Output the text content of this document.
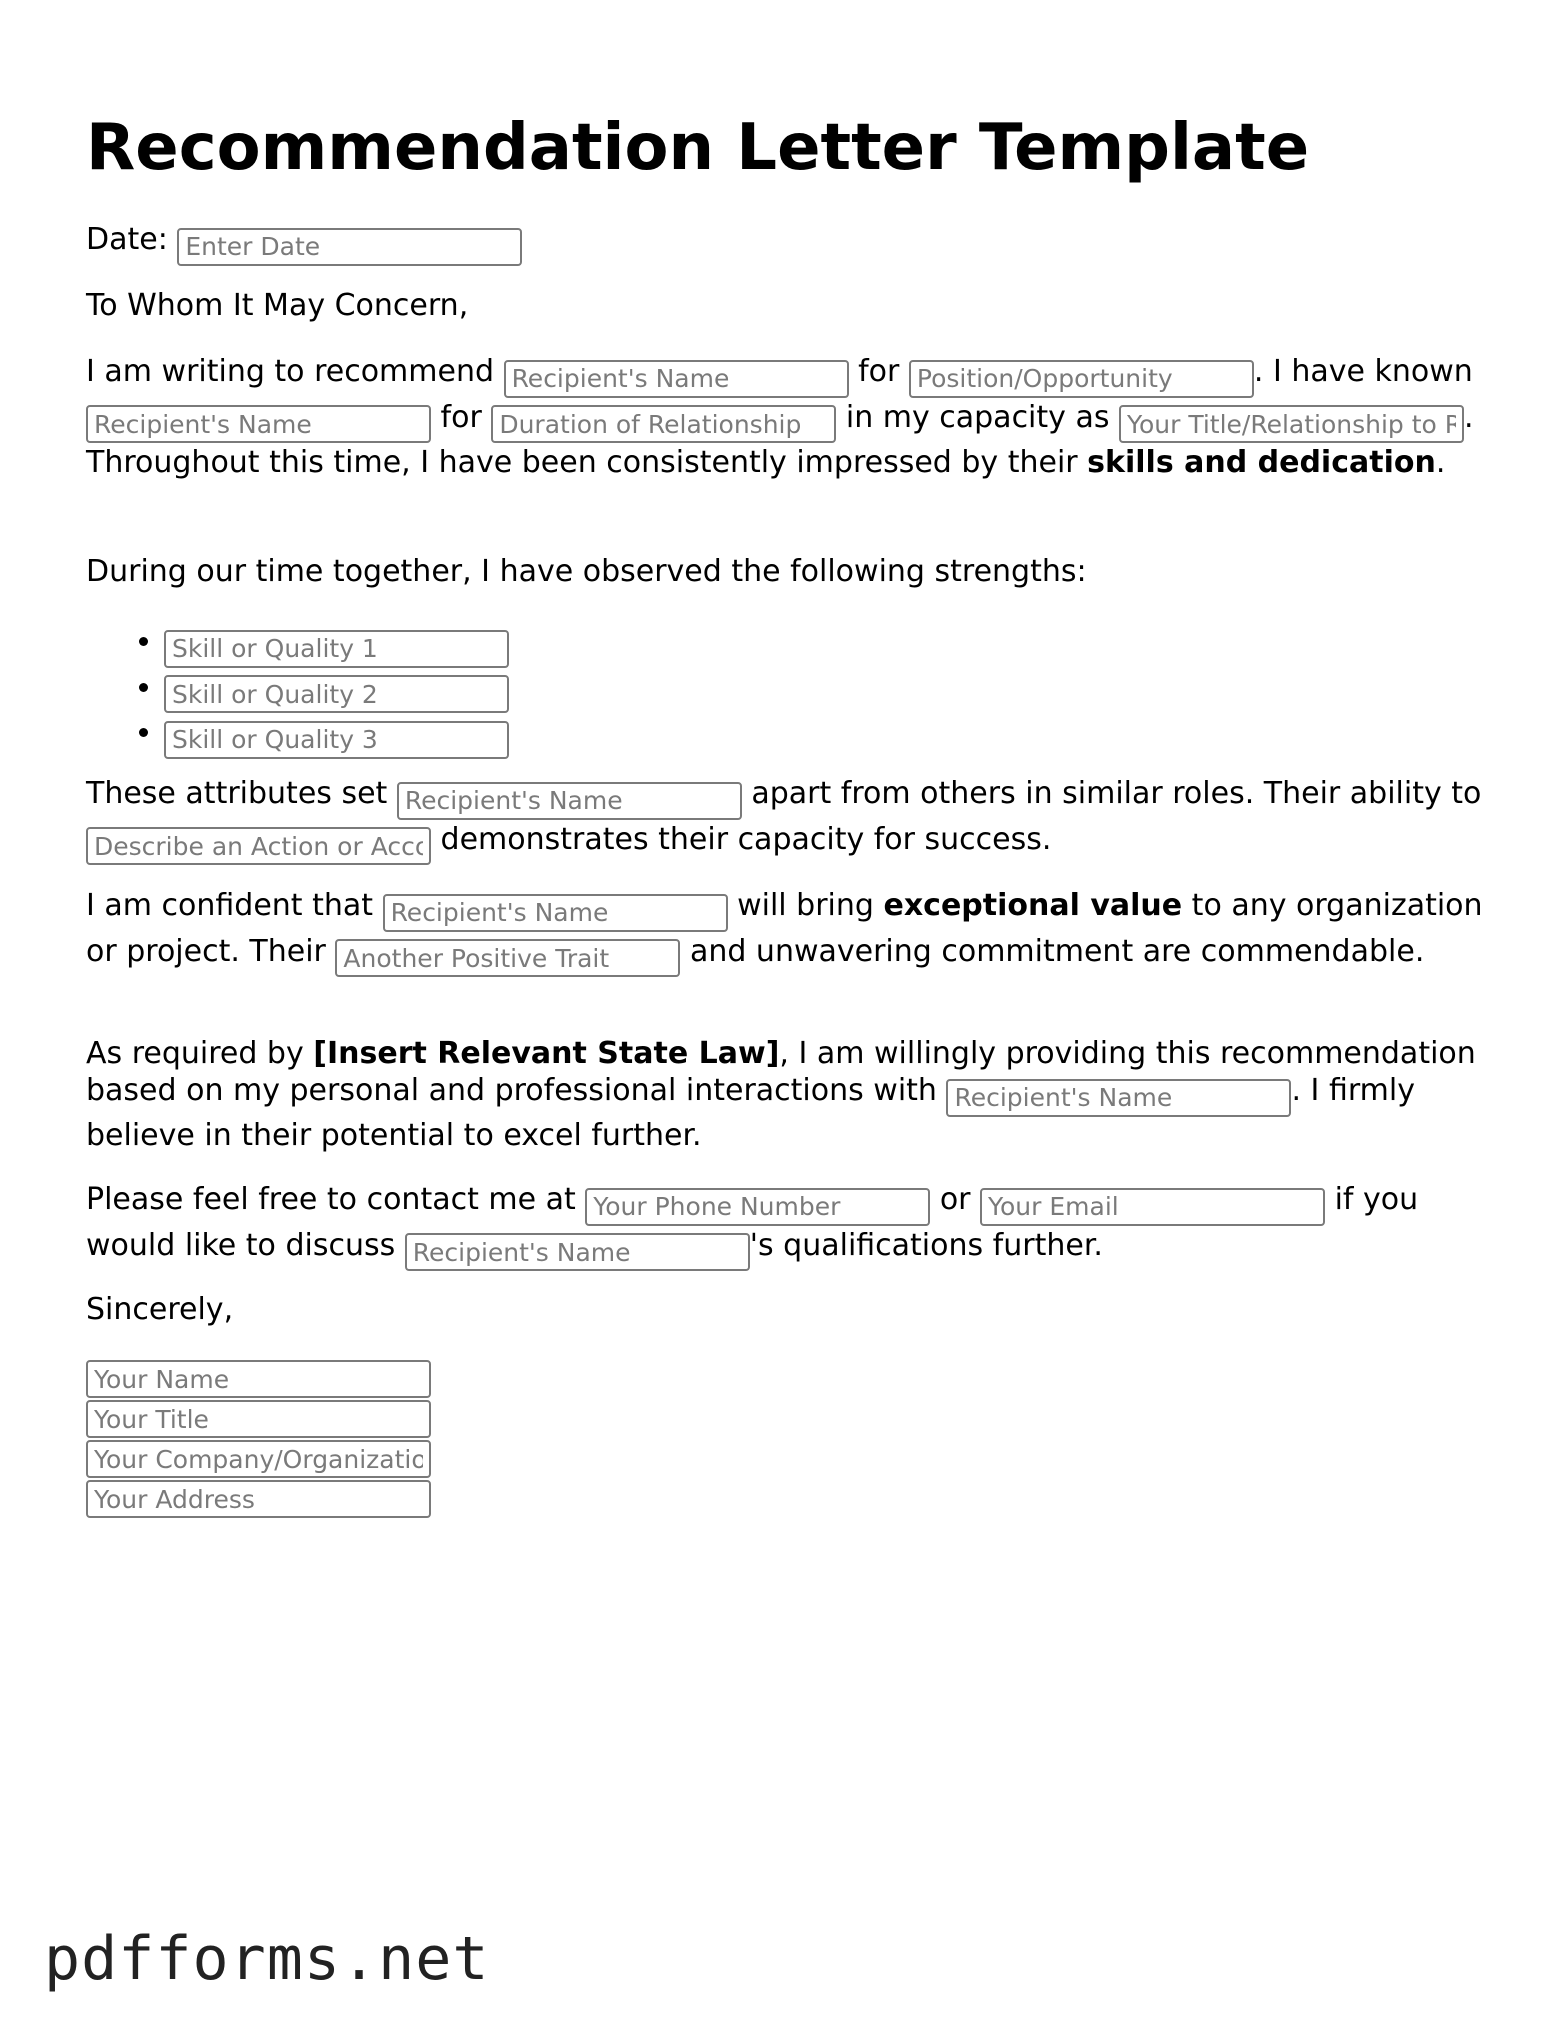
Recommendation Letter Template

Date: Enter Date

To Whom It May Concern,

I am writing to recommend Recipient's Name	for Position/Opportunity	. I have known Recipient's Name for Duration of Relationship	in my capacity as Your Title/Relationship to Recipient	. Throughout this time, I have been consistently impressed by their skills and dedication.

During our time together, I have observed the following strengths:

• Skill or Quality 1
• Skill or Quality 2
• Skill or Quality 3

These attributes set Recipient's Name	apart from others in similar roles. Their ability to Describe an Action or Accomplishment demonstrates their capacity for success.

I am confident that Recipient's Name	will bring exceptional value to any organization or project. Their Another Positive Trait	and unwavering commitment are commendable.

As required by [Insert Relevant State Law], I am willingly providing this recommendation based on my personal and professional interactions with Recipient's Name	. I firmly believe in their potential to excel further.

Please feel free to contact me at Your Phone Number	or Your Email	if you would like to discuss Recipient's Name	's qualifications further.

Sincerely,

Your Name
Your Title
Your Company/Organization
Your Address
pdfforms.net
